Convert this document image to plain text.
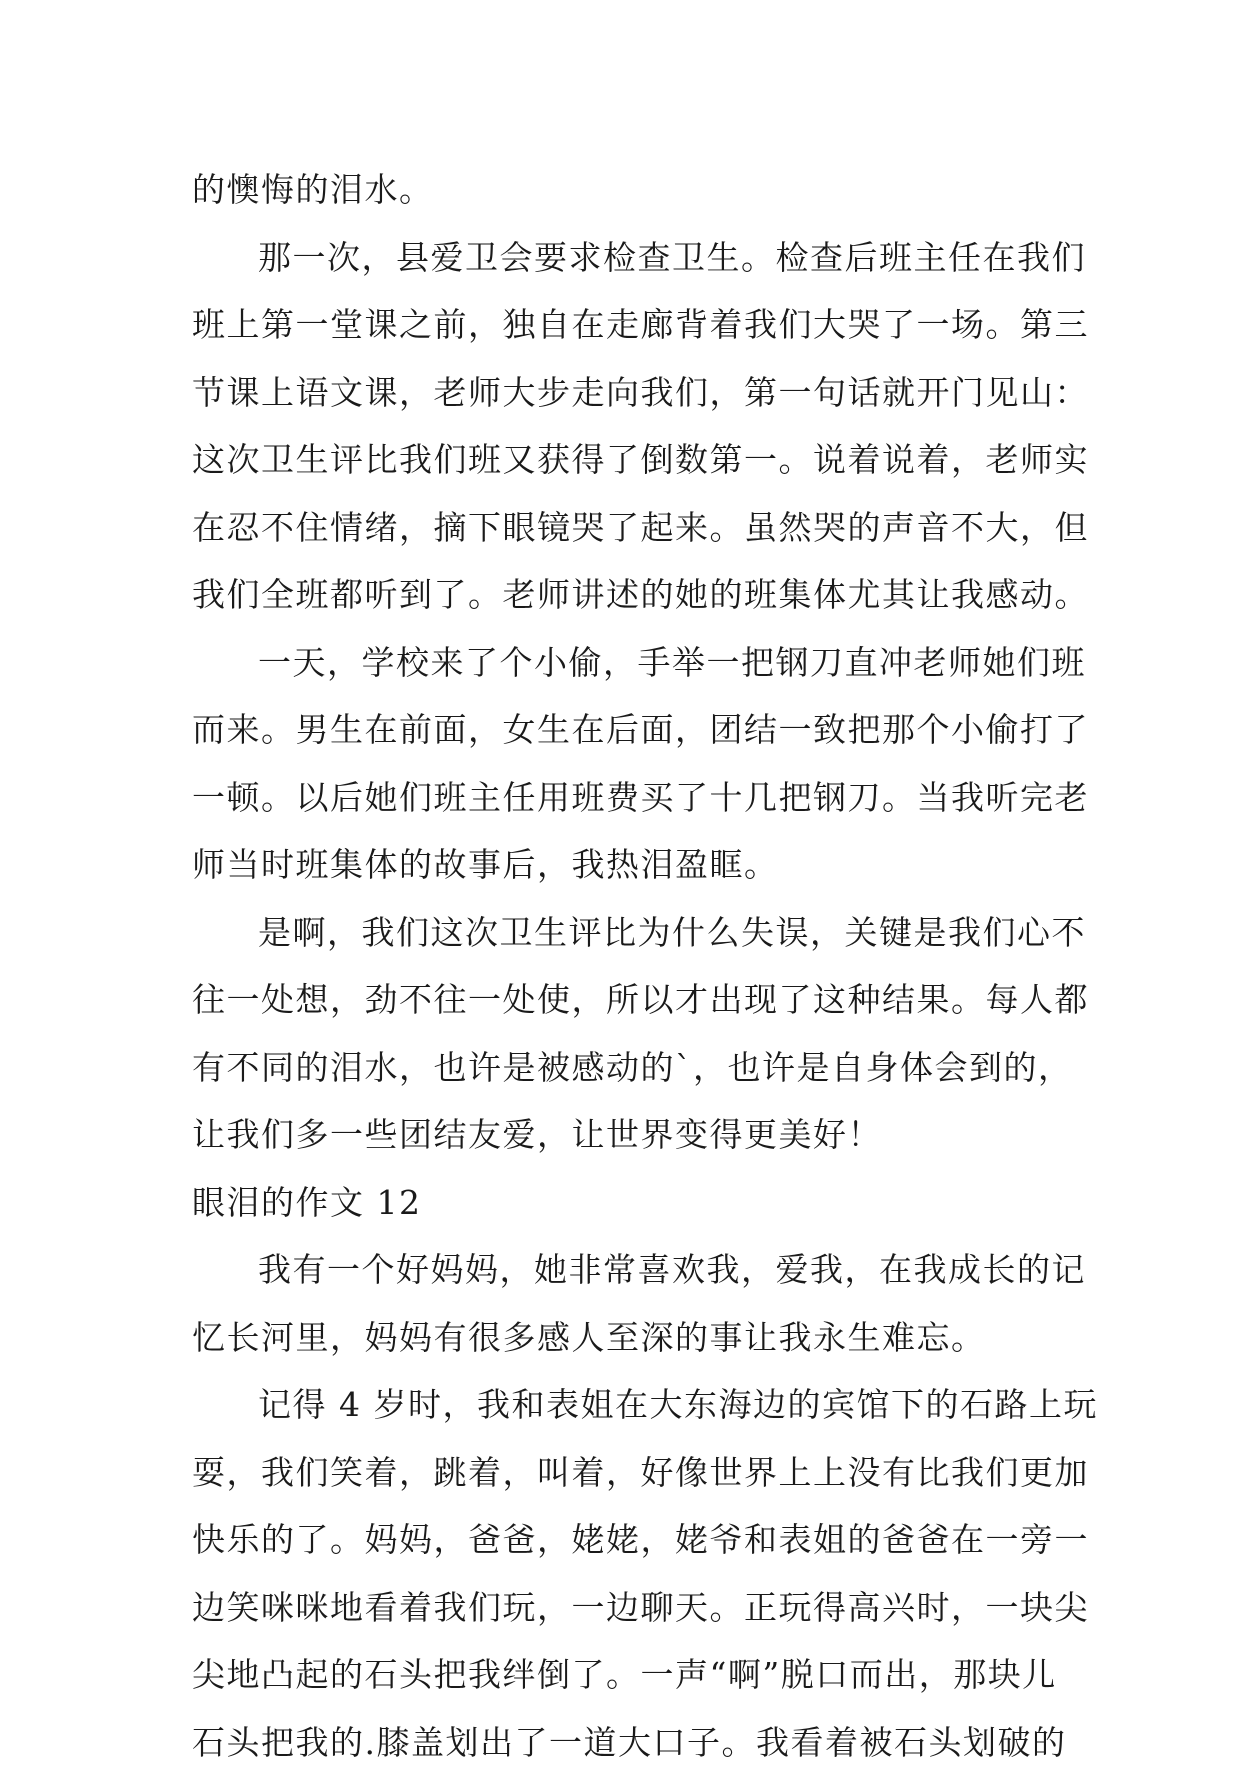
的懊悔的泪水。
那一次，县爱卫会要求检查卫生。检查后班主任在我们
班上第一堂课之前，独自在走廊背着我们大哭了一场。第三
节课上语文课，老师大步走向我们，第一句话就开门见山：
这次卫生评比我们班又获得了倒数第一。说着说着，老师实
在忍不住情绪，摘下眼镜哭了起来。虽然哭的声音不大，但
我们全班都听到了。老师讲述的她的班集体尤其让我感动。
一天，学校来了个小偷，手举一把钢刀直冲老师她们班
而来。男生在前面，女生在后面，团结一致把那个小偷打了
一顿。以后她们班主任用班费买了十几把钢刀。当我听完老
师当时班集体的故事后，我热泪盈眶。
是啊，我们这次卫生评比为什么失误，关键是我们心不
往一处想，劲不往一处使，所以才出现了这种结果。每人都
有不同的泪水，也许是被感动的`，也许是自身体会到的，
让我们多一些团结友爱，让世界变得更美好！
眼泪的作文 12
我有一个好妈妈，她非常喜欢我，爱我，在我成长的记
忆长河里，妈妈有很多感人至深的事让我永生难忘。
记得 4 岁时，我和表姐在大东海边的宾馆下的石路上玩
耍，我们笑着，跳着，叫着，好像世界上上没有比我们更加
快乐的了。妈妈，爸爸，姥姥，姥爷和表姐的爸爸在一旁一
边笑咪咪地看着我们玩，一边聊天。正玩得高兴时，一块尖
尖地凸起的石头把我绊倒了。一声“啊”脱口而出，那块儿
石头把我的.膝盖划出了一道大口子。我看着被石头划破的
